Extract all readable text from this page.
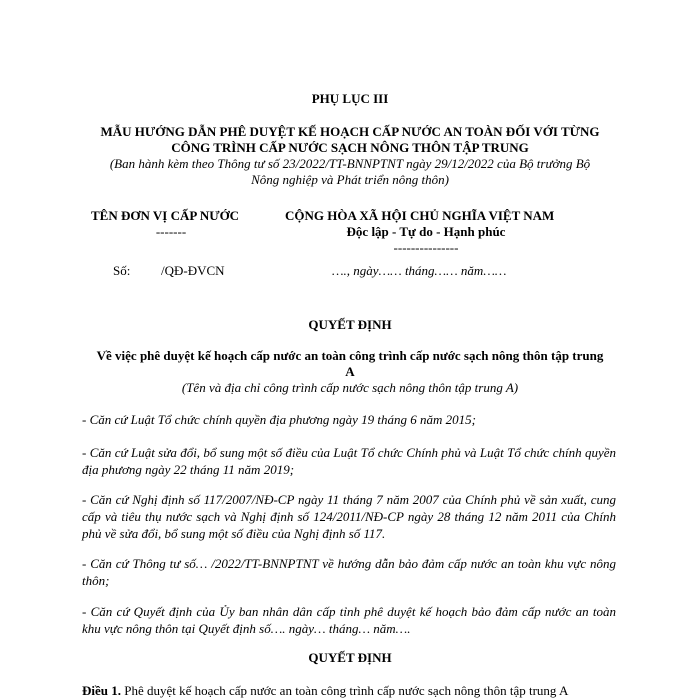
PHỤ LỤC III
MẪU HƯỚNG DẪN PHÊ DUYỆT KẾ HOẠCH CẤP NƯỚC AN TOÀN ĐỐI VỚI TỪNG
CÔNG TRÌNH CẤP NƯỚC SẠCH NÔNG THÔN TẬP TRUNG
(Ban hành kèm theo Thông tư số 23/2022/TT-BNNPTNT ngày 29/12/2022 của Bộ trưởng Bộ
Nông nghiệp và Phát triển nông thôn)
TÊN ĐƠN VỊ CẤP NƯỚC
-------
Số: /QĐ-ĐVCN
CỘNG HÒA XÃ HỘI CHỦ NGHĨA VIỆT NAM
Độc lập - Tự do - Hạnh phúc
---------------
…., ngày…… tháng…… năm……
QUYẾT ĐỊNH
Về việc phê duyệt kế hoạch cấp nước an toàn công trình cấp nước sạch nông thôn tập trung
A
(Tên và địa chỉ công trình cấp nước sạch nông thôn tập trung A)

- Căn cứ Luật Tổ chức chính quyền địa phương ngày 19 tháng 6 năm 2015;

- Căn cứ Luật sửa đổi, bổ sung một số điều của Luật Tổ chức Chính phủ và Luật Tổ chức chính quyền địa phương ngày 22 tháng 11 năm 2019;

- Căn cứ Nghị định số 117/2007/NĐ-CP ngày 11 tháng 7 năm 2007 của Chính phủ về sản xuất, cung cấp và tiêu thụ nước sạch và Nghị định số 124/2011/NĐ-CP ngày 28 tháng 12 năm 2011 của Chính phủ về sửa đổi, bổ sung một số điều của Nghị định số 117.

- Căn cứ Thông tư số… /2022/TT-BNNPTNT về hướng dẫn bảo đảm cấp nước an toàn khu vực nông thôn;

- Căn cứ Quyết định của Ủy ban nhân dân cấp tỉnh phê duyệt kế hoạch bảo đảm cấp nước an toàn khu vực nông thôn tại Quyết định số…. ngày… tháng… năm….

QUYẾT ĐỊNH
Điều 1. Phê duyệt kế hoạch cấp nước an toàn công trình cấp nước sạch nông thôn tập trung A
